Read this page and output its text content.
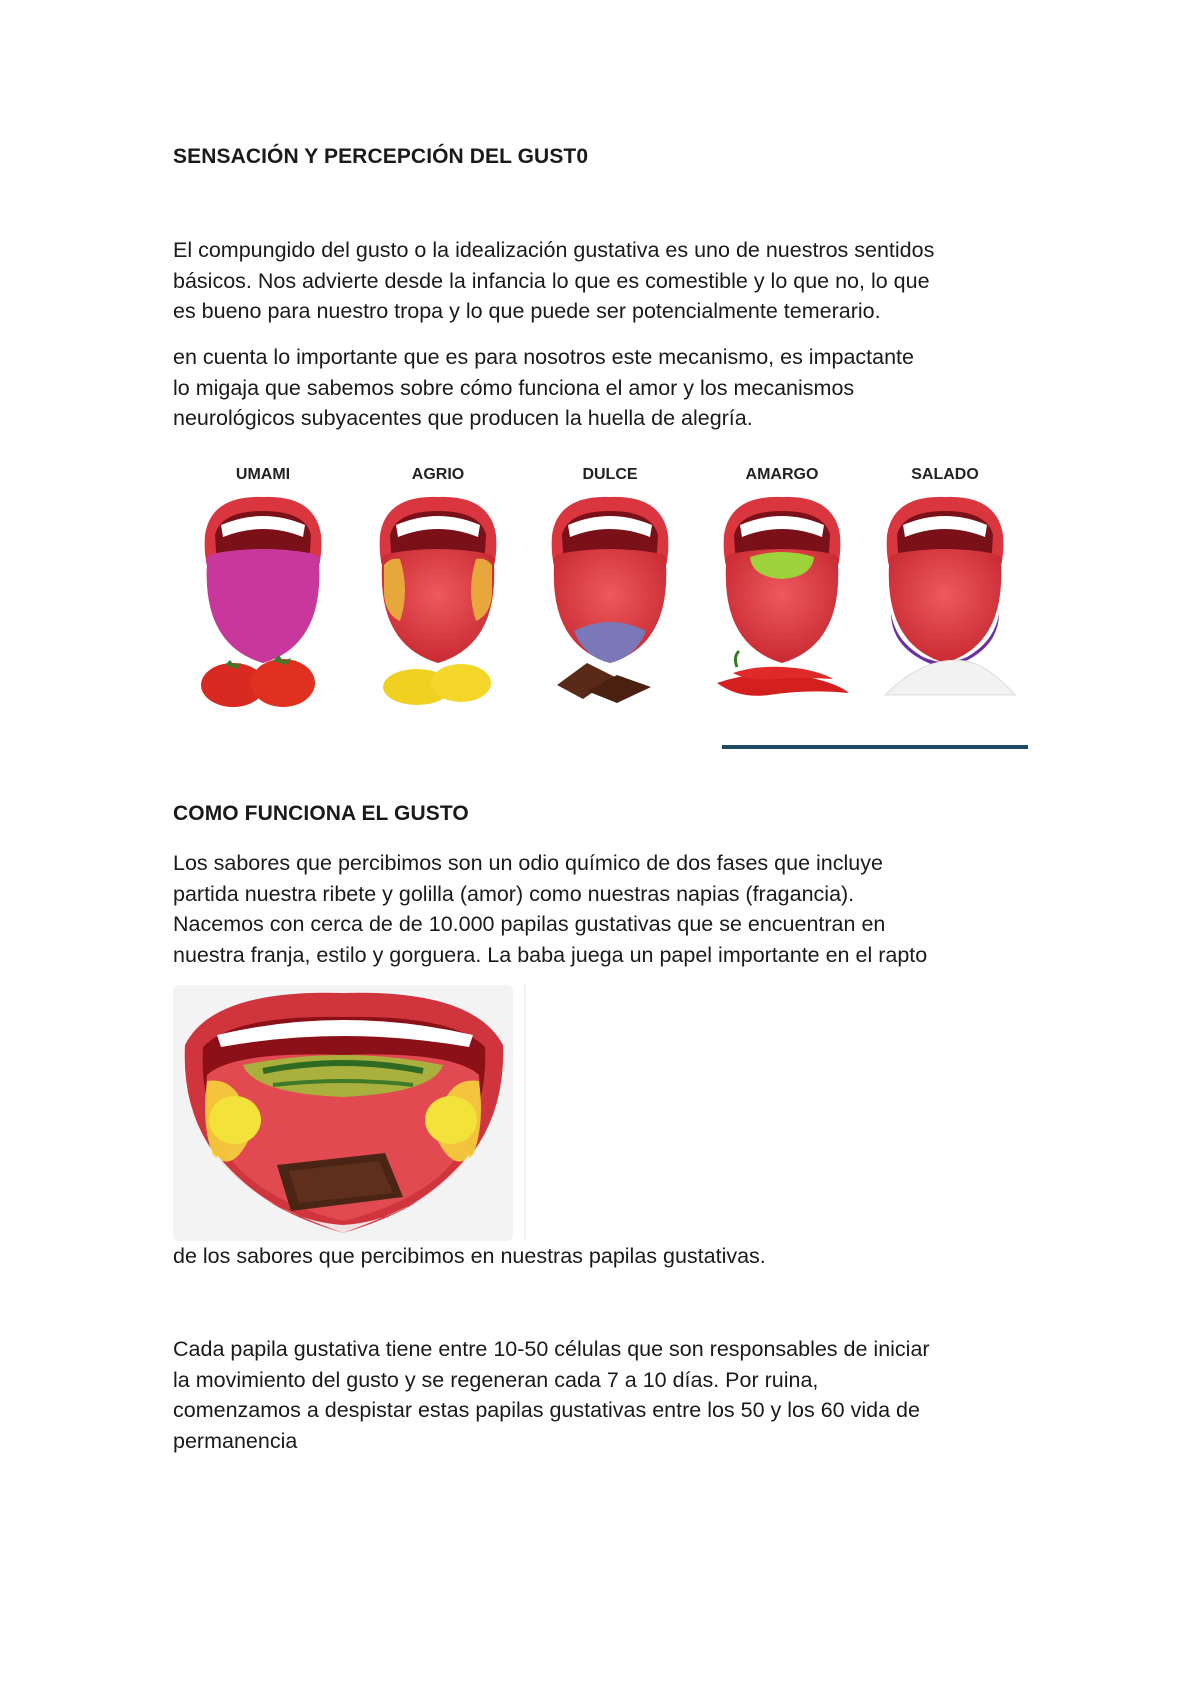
SENSACIÓN Y PERCEPCIÓN DEL GUST0
El compungido del gusto o la idealización gustativa es uno de nuestros sentidos
básicos. Nos advierte desde la infancia lo que es comestible y lo que no, lo que
es bueno para nuestro tropa y lo que puede ser potencialmente temerario.
en cuenta lo importante que es para nosotros este mecanismo, es impactante
lo migaja que sabemos sobre cómo funciona el amor y los mecanismos
neurológicos subyacentes que producen la huella de alegría.
UMAMI	AGRIO	DULCE	AMARGO	SALADO
COMO FUNCIONA EL GUSTO
Los sabores que percibimos son un odio químico de dos fases que incluye
partida nuestra ribete y golilla (amor) como nuestras napias (fragancia).
Nacemos con cerca de de 10.000 papilas gustativas que se encuentran en
nuestra franja, estilo y gorguera. La baba juega un papel importante en el rapto
de los sabores que percibimos en nuestras papilas gustativas.
Cada papila gustativa tiene entre 10-50 células que son responsables de iniciar
la movimiento del gusto y se regeneran cada 7 a 10 días. Por ruina,
comenzamos a despistar estas papilas gustativas entre los 50 y los 60 vida de
permanencia
